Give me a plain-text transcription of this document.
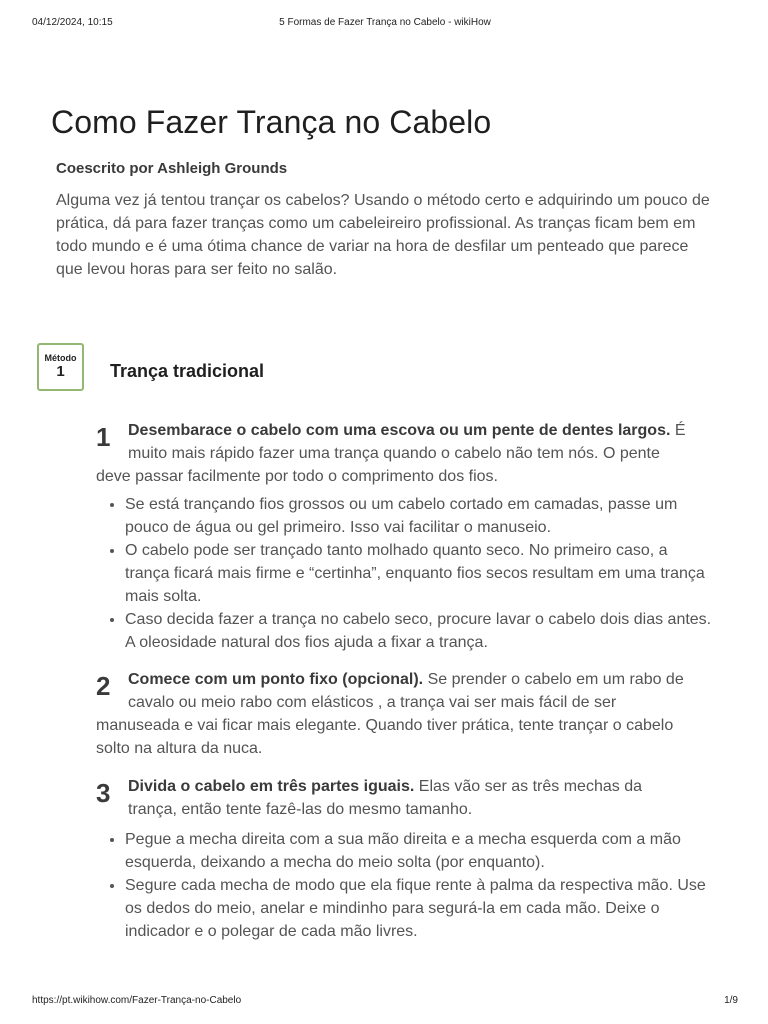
04/12/2024, 10:15	5 Formas de Fazer Trança no Cabelo - wikiHow
Como Fazer Trança no Cabelo
Coescrito por Ashleigh Grounds

Alguma vez já tentou trançar os cabelos? Usando o método certo e adquirindo um pouco de prática, dá para fazer tranças como um cabeleireiro profissional. As tranças ficam bem em todo mundo e é uma ótima chance de variar na hora de desfilar um penteado que parece que levou horas para ser feito no salão.

Método
1	Trança tradicional
1	Desembarace o cabelo com uma escova ou um pente de dentes largos. É muito mais rápido fazer uma trança quando o cabelo não tem nós. O pente deve passar facilmente por todo o comprimento dos fios.

• Se está trançando fios grossos ou um cabelo cortado em camadas, passe um pouco de água ou gel primeiro. Isso vai facilitar o manuseio.
• O cabelo pode ser trançado tanto molhado quanto seco. No primeiro caso, a trança ficará mais firme e “certinha”, enquanto fios secos resultam em uma trança mais solta.
• Caso decida fazer a trança no cabelo seco, procure lavar o cabelo dois dias antes. A oleosidade natural dos fios ajuda a fixar a trança.
2	Comece com um ponto fixo (opcional). Se prender o cabelo em um rabo de cavalo ou meio rabo com elásticos , a trança vai ser mais fácil de ser manuseada e vai ficar mais elegante. Quando tiver prática, tente trançar o cabelo solto na altura da nuca.

3	Divida o cabelo em três partes iguais. Elas vão ser as três mechas da trança, então tente fazê-las do mesmo tamanho.

• Pegue a mecha direita com a sua mão direita e a mecha esquerda com a mão esquerda, deixando a mecha do meio solta (por enquanto).
• Segure cada mecha de modo que ela fique rente à palma da respectiva mão. Use os dedos do meio, anelar e mindinho para segurá-la em cada mão. Deixe o indicador e o polegar de cada mão livres.
https://pt.wikihow.com/Fazer-Trança-no-Cabelo	1/9
